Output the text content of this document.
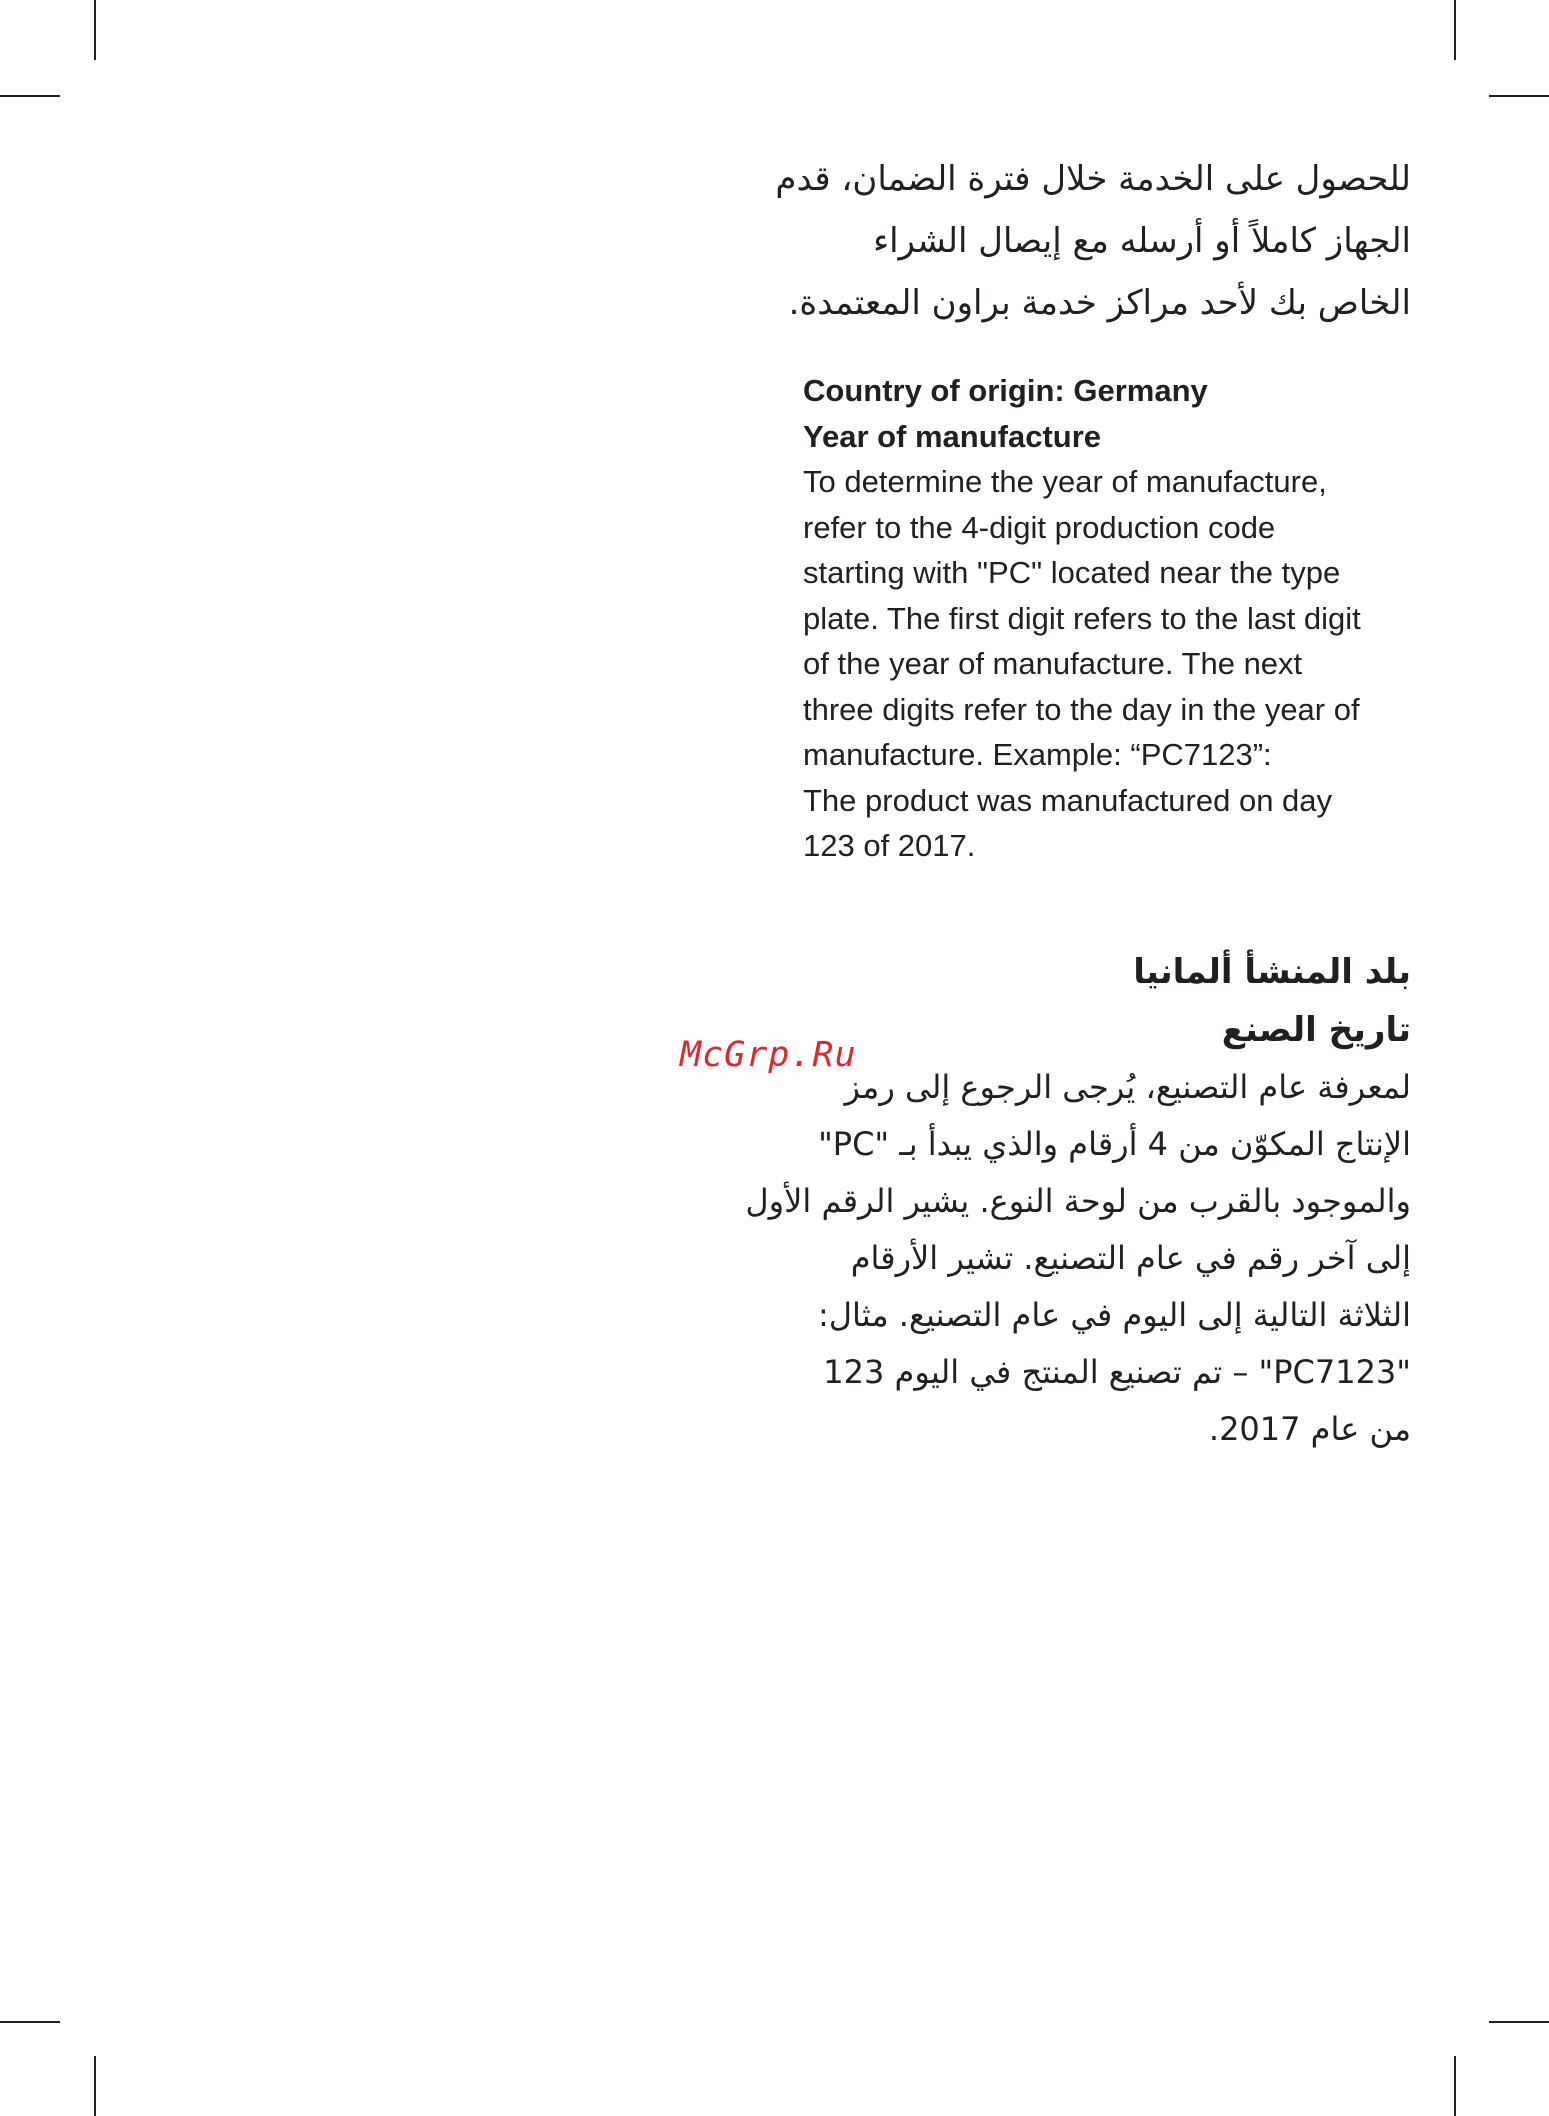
للحصول على الخدمة خلال فترة الضمان، قدم
الجهاز كاملاً أو أرسله مع إيصال الشراء
الخاص بك لأحد مراكز خدمة براون المعتمدة.
Country of origin: Germany
Year of manufacture
To determine the year of manufacture,
refer to the 4-digit production code
starting with "PC" located near the type
plate. The first digit refers to the last digit
of the year of manufacture. The next
three digits refer to the day in the year of
manufacture. Example: “PC7123”:
The product was manufactured on day
123 of 2017.
بلد المنشأ ألمانيا
تاريخ الصنع
لمعرفة عام التصنيع، يُرجى الرجوع إلى رمز
الإنتاج المكوّن من 4 أرقام والذي يبدأ بـ "PC"
والموجود بالقرب من لوحة النوع. يشير الرقم الأول
إلى آخر رقم في عام التصنيع. تشير الأرقام
الثلاثة التالية إلى اليوم في عام التصنيع. مثال:
"PC7123" – تم تصنيع المنتج في اليوم 123
من عام 2017.
McGrp.Ru
